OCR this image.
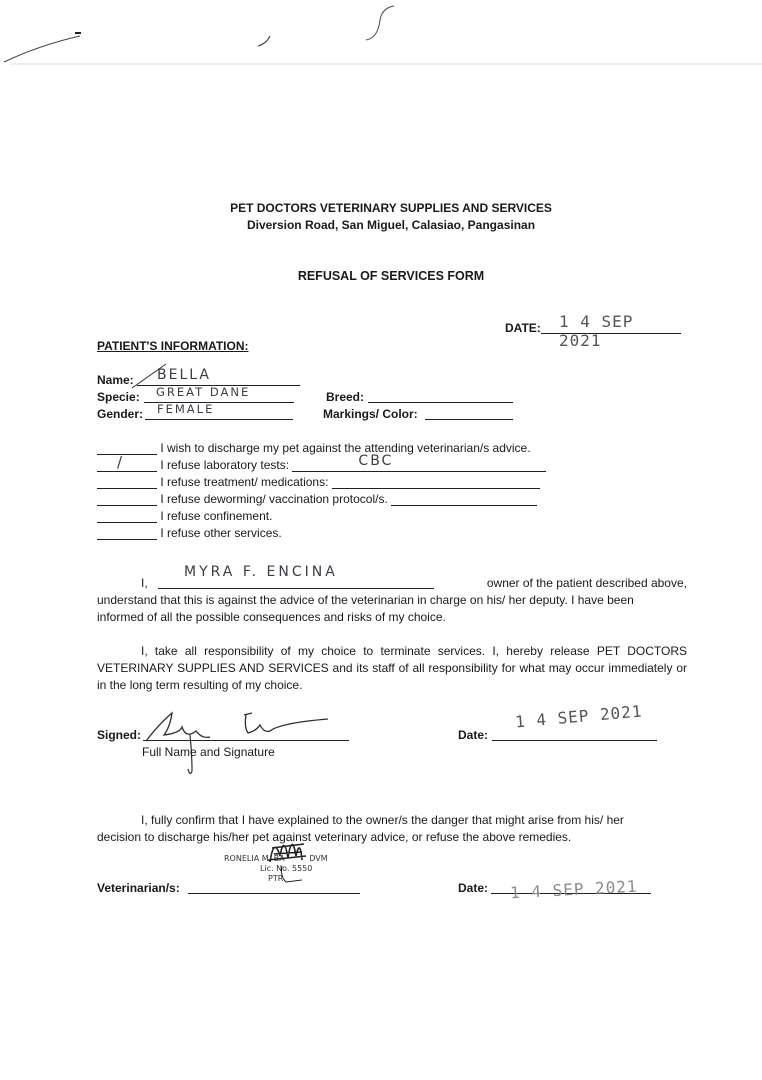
PET DOCTORS VETERINARY SUPPLIES AND SERVICES
Diversion Road, San Miguel, Calasiao, Pangasinan
REFUSAL OF SERVICES FORM
DATE: 1 4 SEP 2021
PATIENT'S INFORMATION:
Name: BELLA
Specie: GREAT DANE
Gender: FEMALE
Breed:
Markings/ Color:
I wish to discharge my pet against the attending veterinarian/s advice.
/	I refuse laboratory tests:	CBC
I refuse treatment/ medications:
I refuse deworming/ vaccination protocol/s.
I refuse confinement.
I refuse other services.
I,
MYRA F. ENCINA
owner of the patient described above,
understand that this is against the advice of the veterinarian in charge on his/ her deputy. I have been
informed of all the possible consequences and risks of my choice.
I, take all responsibility of my choice to terminate services. I, hereby release PET DOCTORS VETERINARY SUPPLIES AND SERVICES and its staff of all responsibility for what may occur immediately or in the long term resulting of my choice.
Signed:
Full Name and Signature
Date:
1 4 SEP 2021
I, fully confirm that I have explained to the owner/s the danger that might arise from his/ her
decision to discharge his/her pet against veterinary advice, or refuse the above remedies.
RONELIA M. BA	DVM
Lic. No. 5550
PTR
Veterinarian/s:	Date: 1 4 SEP 2021
